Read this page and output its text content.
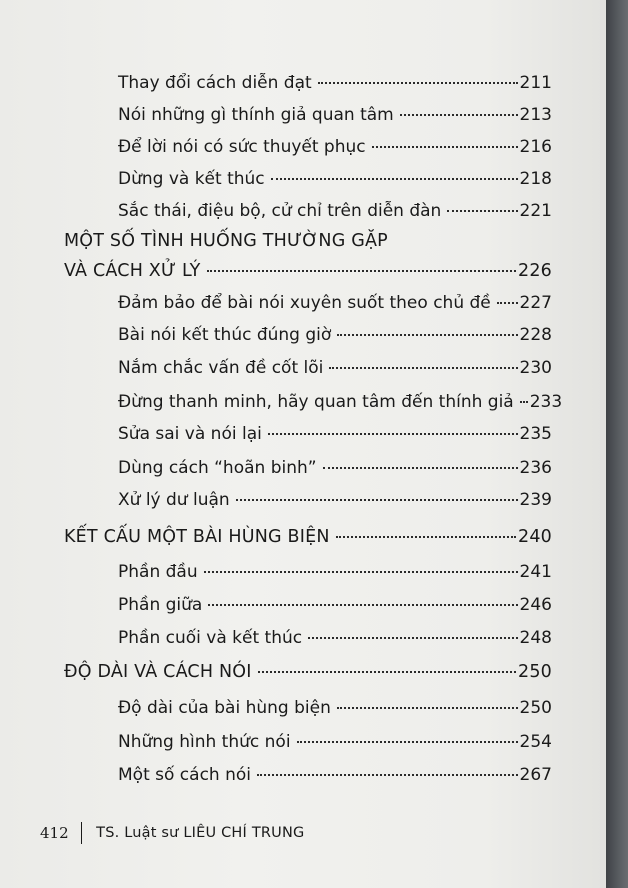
Thay đổi cách diễn đạt	211
Nói những gì thính giả quan tâm	213
Để lời nói có sức thuyết phục	216
Dừng và kết thúc	218
Sắc thái, điệu bộ, cử chỉ trên diễn đàn	221
MỘT SỐ TÌNH HUỐNG THƯỜNG GẶP
VÀ CÁCH XỬ LÝ	226
Đảm bảo để bài nói xuyên suốt theo chủ đề 227
Bài nói kết thúc đúng giờ	228
Nắm chắc vấn đề cốt lõi	230
Đừng thanh minh, hãy quan tâm đến thính giả 233
Sửa sai và nói lại	235
Dùng cách “hoãn binh”	236
Xử lý dư luận	239
KẾT CẤU MỘT BÀI HÙNG BIỆN	240
Phần đầu	241
Phần giữa	246
Phần cuối và kết thúc	248
ĐỘ DÀI VÀ CÁCH NÓI	250
Độ dài của bài hùng biện	250
Những hình thức nói	254
Một số cách nói	267
412 TS. Luật sư LIÊU CHÍ TRUNG
